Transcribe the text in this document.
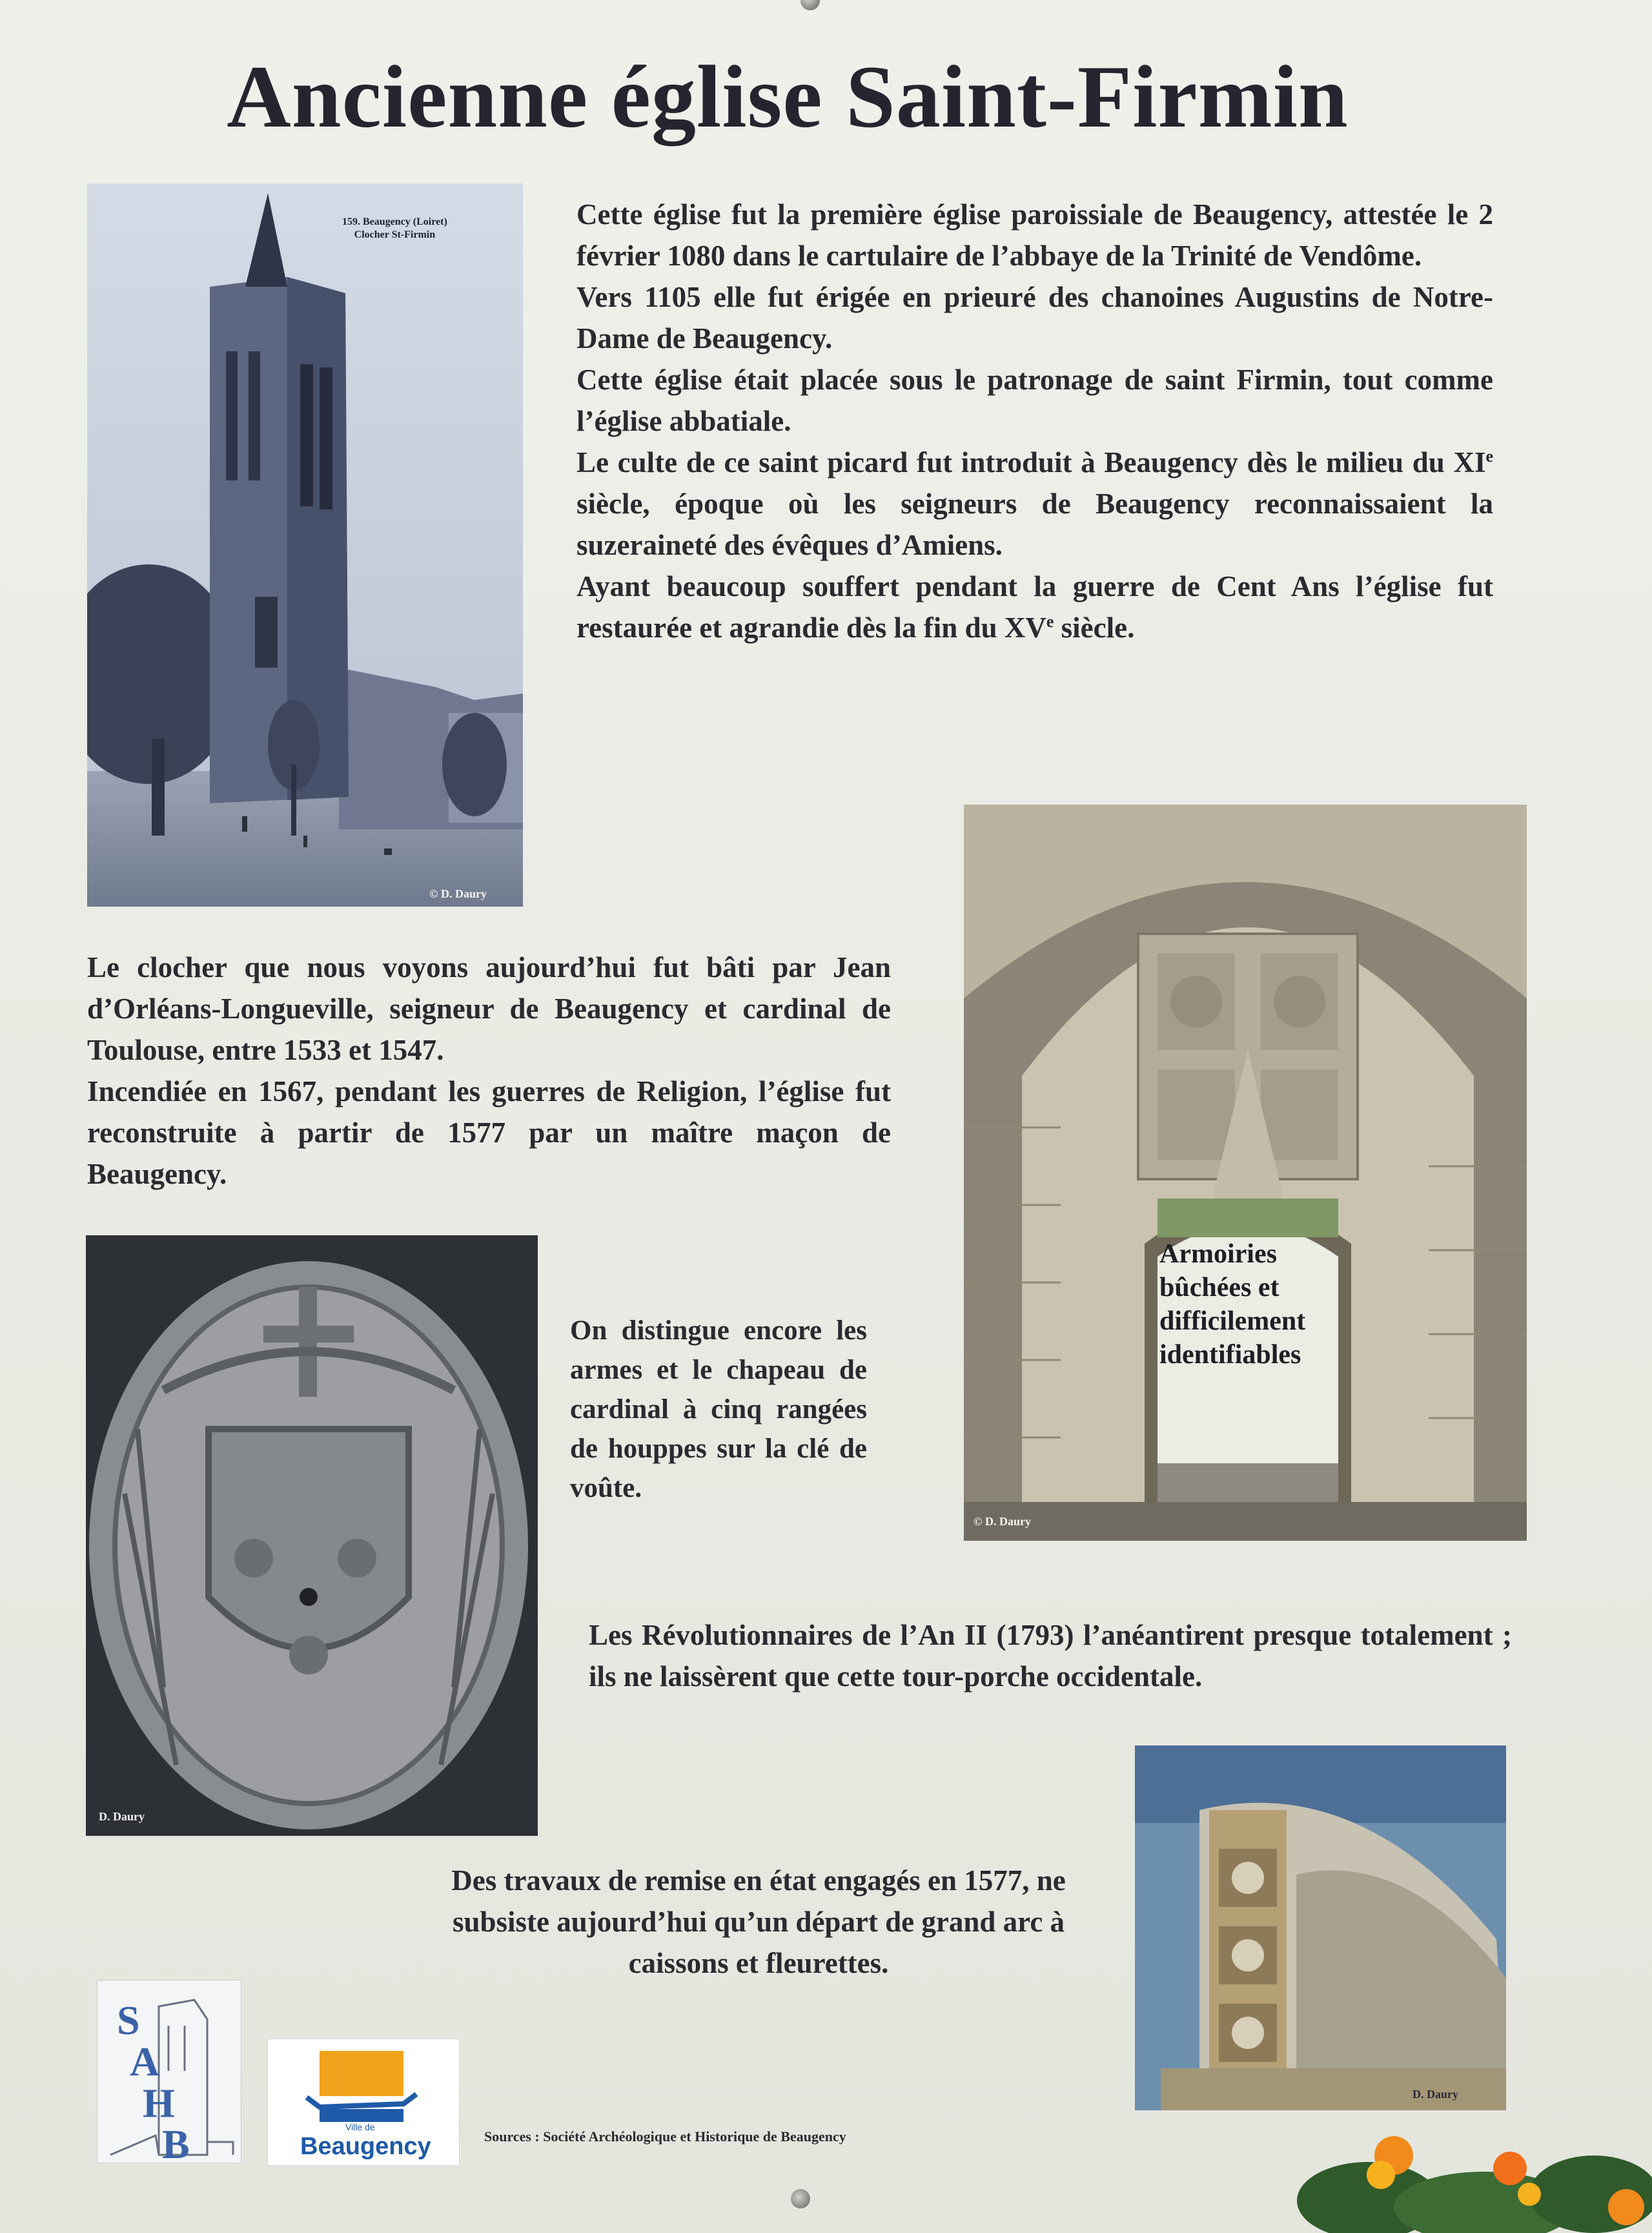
Ancienne église Saint-Firmin

Cette église fut la première église paroissiale de Beaugency, attestée le 2 février 1080 dans le cartulaire de l’abbaye de la Trinité de Vendôme.

Vers 1105 elle fut érigée en prieuré des chanoines Augustins de Notre-Dame de Beaugency.

Cette église était placée sous le patronage de saint Firmin, tout comme l’église abbatiale.

Le culte de ce saint picard fut introduit à Beaugency dès le milieu du XIe siècle, époque où les seigneurs de Beaugency reconnaissaient la suzeraineté des évêques d’Amiens.

Ayant beaucoup souffert pendant la guerre de Cent Ans l’église fut restaurée et agrandie dès la fin du XVe siècle.

159. Beaugency (Loiret)
Clocher St-Firmin
© D. Daury

Le clocher que nous voyons aujourd’hui fut bâti par Jean d’Orléans-Longueville, seigneur de Beaugency et cardinal de Toulouse, entre 1533 et 1547.

Incendiée en 1567, pendant les guerres de Religion, l’église fut reconstruite à partir de 1577 par un maître maçon de Beaugency.

Armoiries
bûchées et
difficilement
identifiables
© D. Daury
D. Daury
On distingue encore les armes et le chapeau de cardinal à cinq rangées de houppes sur la clé de voûte.
Les Révolutionnaires de l’An II (1793) l’anéantirent presque totalement ; ils ne laissèrent que cette tour-porche occidentale.
D. Daury
Des travaux de remise en état engagés en 1577, ne subsiste aujourd’hui qu’un départ de grand arc à caissons et fleurettes.
S
A
H
B	Ville de
Beaugency	Sources : Société Archéologique et Historique de Beaugency
